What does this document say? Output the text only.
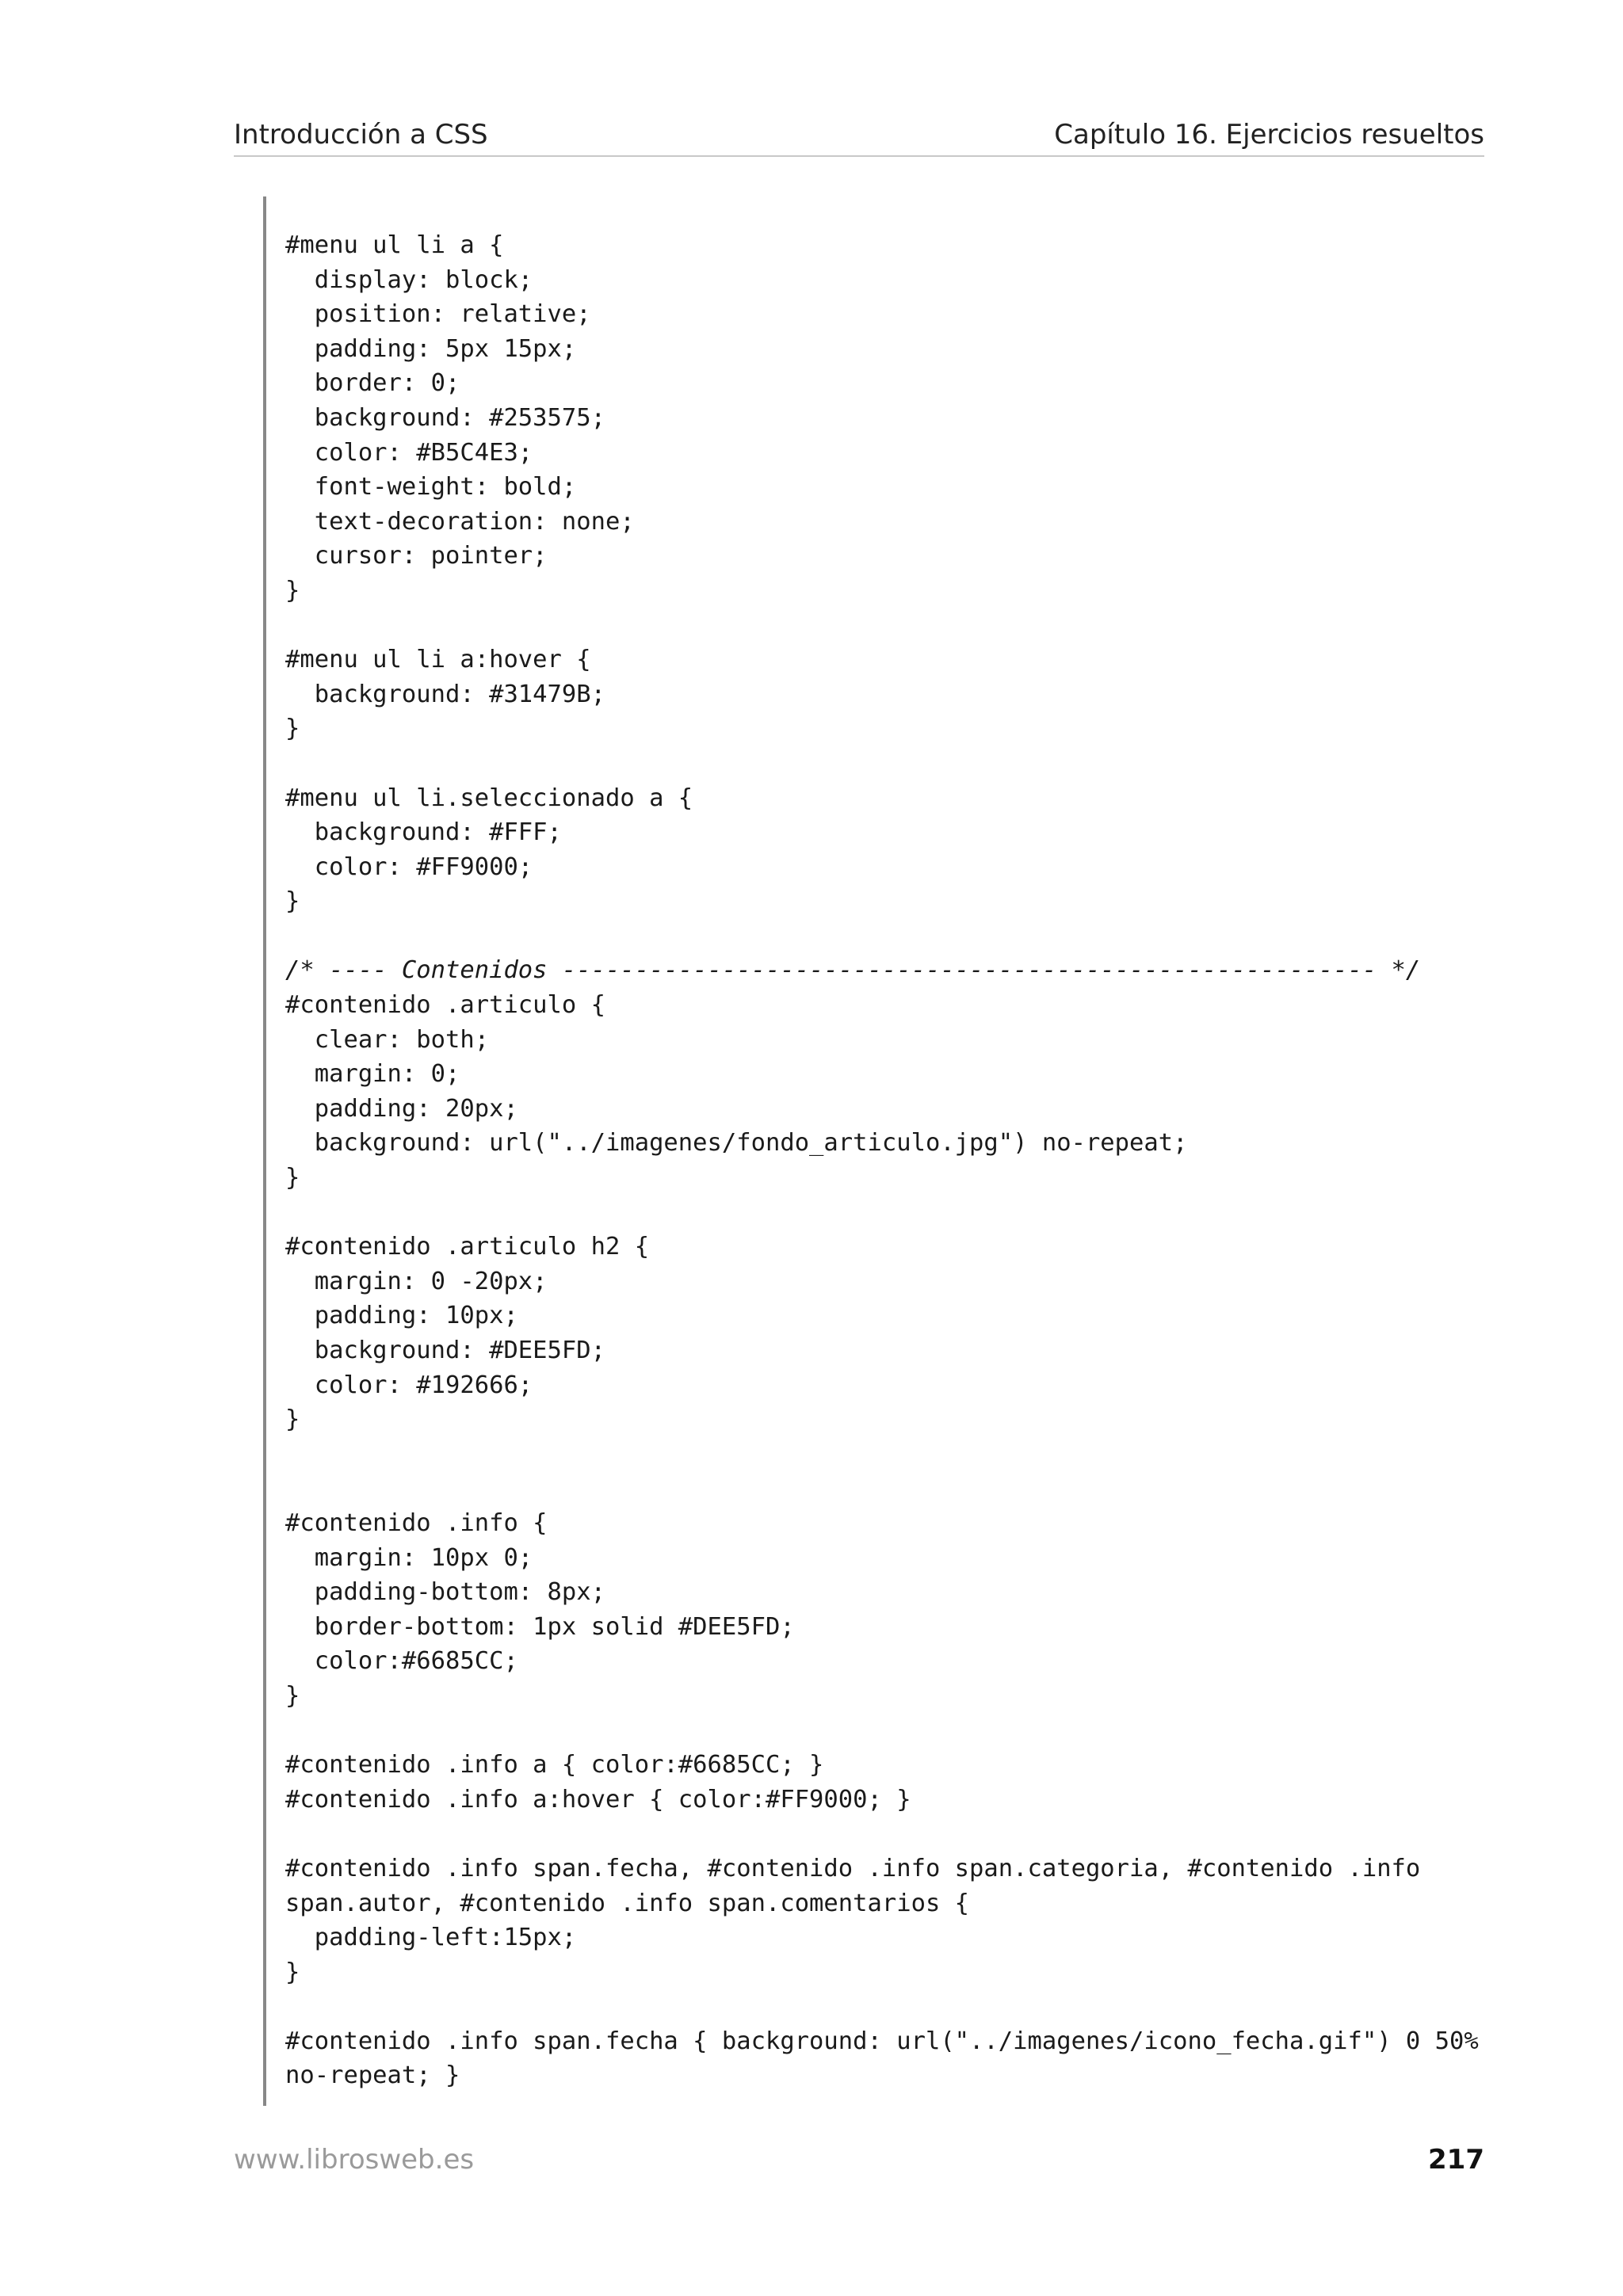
Introducción a CSS	Capítulo 16. Ejercicios resueltos
#menu ul li a {
display: block;
position: relative;
padding: 5px 15px;
border: 0;
background: #253575;
color: #B5C4E3;
font-weight: bold;
text-decoration: none;
cursor: pointer;
}
#menu ul li a:hover {
background: #31479B;
}
#menu ul li.seleccionado a {
background: #FFF;
color: #FF9000;
}
/* ---- Contenidos -------------------------------------------------------- */
#contenido .articulo {
clear: both;
margin: 0;
padding: 20px;
background: url("../imagenes/fondo_articulo.jpg") no-repeat;
}
#contenido .articulo h2 {
margin: 0 -20px;
padding: 10px;
background: #DEE5FD;
color: #192666;
}
#contenido .info {
margin: 10px 0;
padding-bottom: 8px;
border-bottom: 1px solid #DEE5FD;
color:#6685CC;
}
#contenido .info a { color:#6685CC; }
#contenido .info a:hover { color:#FF9000; }
#contenido .info span.fecha, #contenido .info span.categoria, #contenido .info
span.autor, #contenido .info span.comentarios {
padding-left:15px;
}
#contenido .info span.fecha { background: url("../imagenes/icono_fecha.gif") 0 50%
no-repeat; }
www.librosweb.es	217
